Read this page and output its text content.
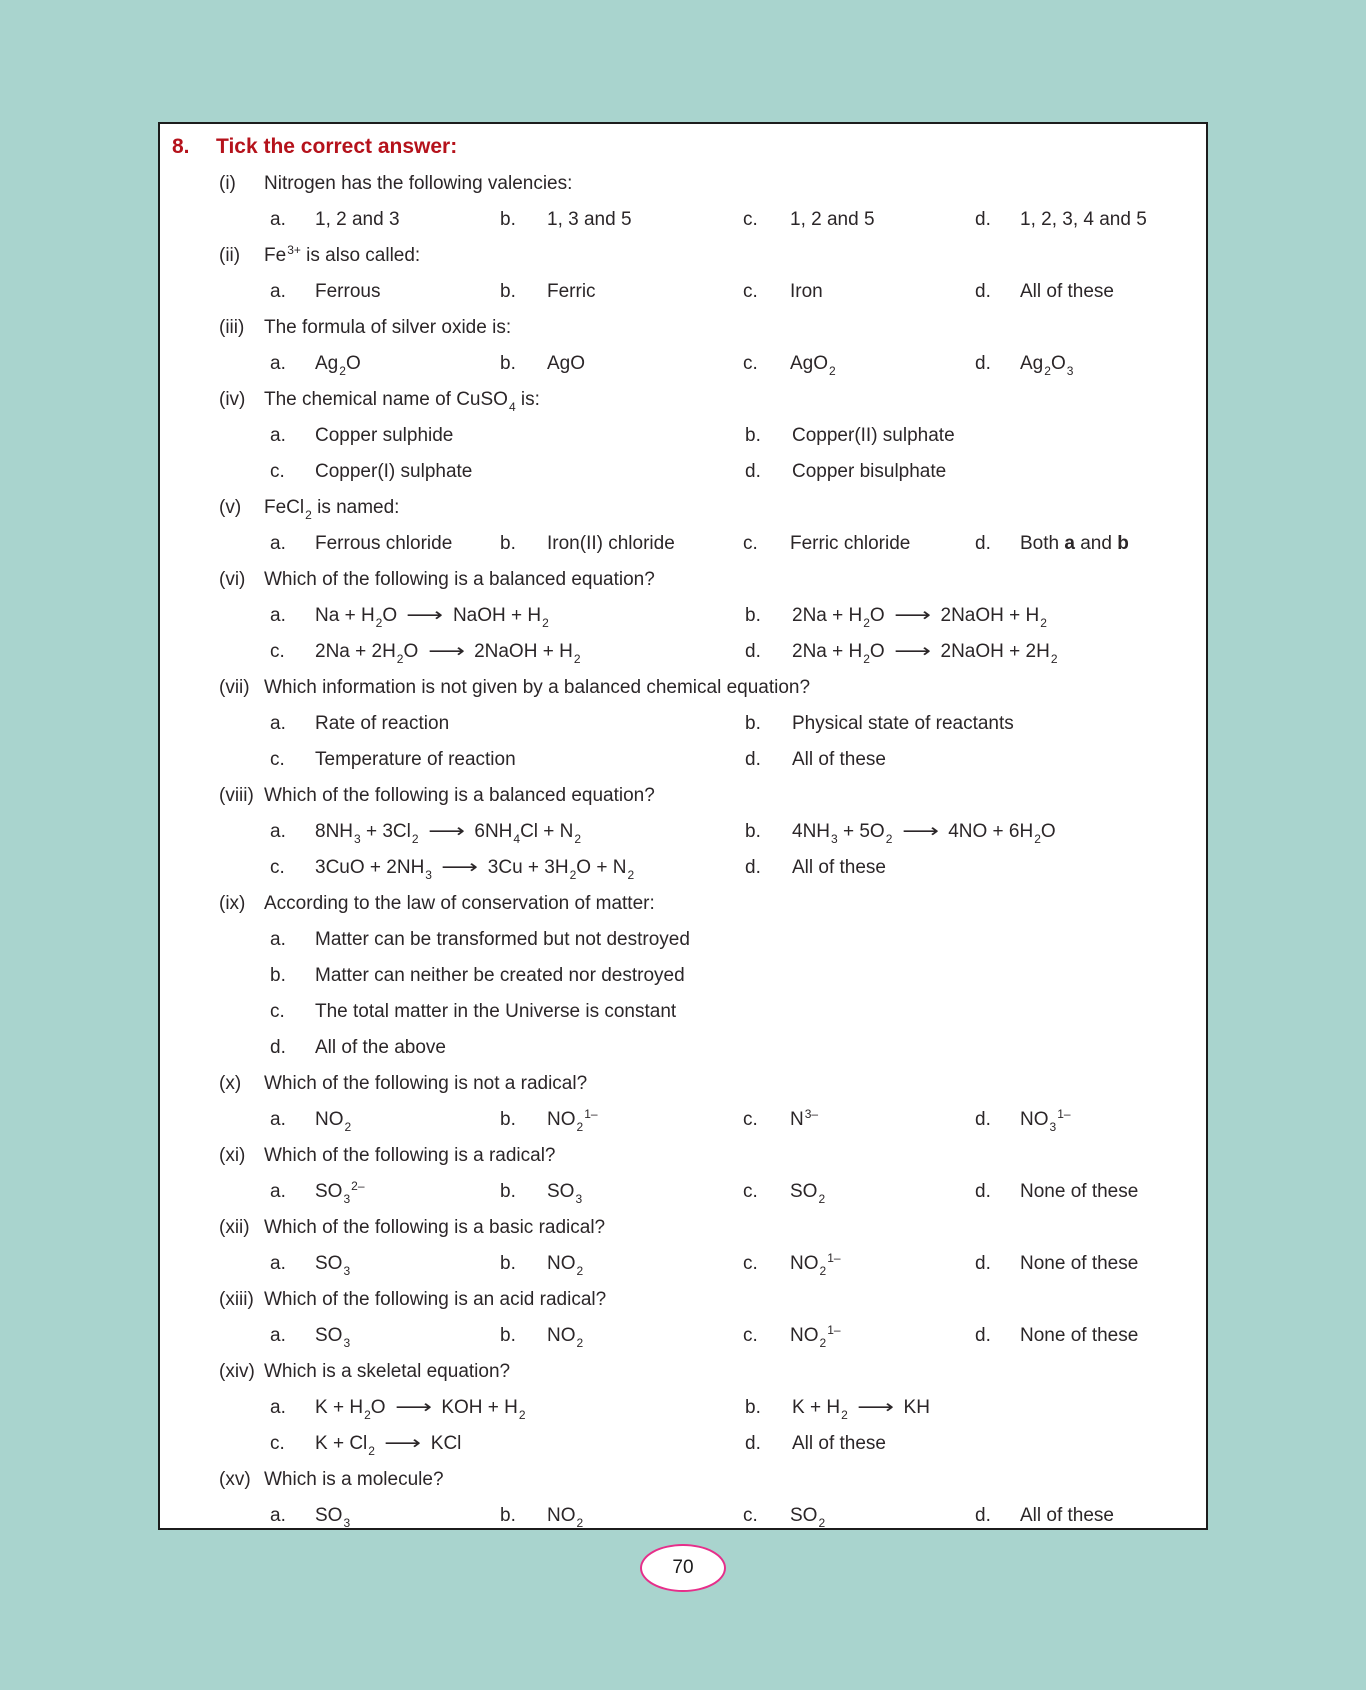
8.	Tick the correct answer:
(i)	Nitrogen has the following valencies:
a.	1, 2 and 3	b.	1, 3 and 5	c.	1, 2 and 5	d.	1, 2, 3, 4 and 5
(ii)	$Fe^{3+}$ is also called:
a.	Ferrous	b.	Ferric	c.	Iron	d.	All of these
(iii)	The formula of silver oxide is:
a.	$Ag_2O$	b.	AgO	c.	AgO$_2$	d.	$Ag_2O_3$
(iv) The chemical name of CuSO$_4$ is:
a.	Copper sulphide	b.	Copper(II) sulphate
c.	Copper(I) sulphate	d.	Copper bisulphate
(v)	FeCl$_2$ is named:
a.	Ferrous chloride	b.	Iron(II) chloride	c.	Ferric chloride	d.	Both a and b
(vi) Which of the following is a balanced equation?
a.	$Na + H_2O$ ⟶ NaOH + $H_2$	b.	$2Na + H_2O$ ⟶ 2NaOH + $H_2$
c.	$2Na + 2H_2O$ ⟶ 2NaOH + $H_2$	d.	$2Na + H_2O$ ⟶ 2NaOH + $2H_2$
(vii) Which information is not given by a balanced chemical equation?
a.	Rate of reaction	b.	Physical state of reactants
c.	Temperature of reaction	d.	All of these
(viii) Which of the following is a balanced equation?
a.	$8NH_3 + 3Cl_2$ ⟶ $6NH_4Cl + N_2$	b.	$4NH_3 + 5O_2$ ⟶ $4NO + 6H_2O$
c.	$3CuO + 2NH_3$ ⟶ $3Cu + 3H_2O + N_2$	d.	All of these
(ix) According to the law of conservation of matter:
a.	Matter can be transformed but not destroyed
b.	Matter can neither be created nor destroyed
c.	The total matter in the Universe is constant
d.	All of the above
(x)	Which of the following is not a radical?
a.	$NO_2$	b.	$NO_2^{1-}$	c.	$N^{3-}$	d.	$NO_3^{1-}$
(xi) Which of the following is a radical?
a.	$SO_3^{2-}$	b.	$SO_3$	c.	$SO_2$	d.	None of these
(xii) Which of the following is a basic radical?
a.	$SO_3$	b.	$NO_2$	c.	$NO_2^{1-}$	d.	None of these
(xiii) Which of the following is an acid radical?
a.	$SO_3$	b.	$NO_2$	c.	$NO_2^{1-}$	d.	None of these
(xiv) Which is a skeletal equation?
a.	$K + H_2O$ ⟶ KOH + $H_2$	b.	$K + H_2$ ⟶ KH
c.	$K + Cl_2$ ⟶ KCl	d.	All of these
(xv) Which is a molecule?
a.	$SO_3$	b.	$NO_2$	c.	$SO_2$	d.	All of these
70
